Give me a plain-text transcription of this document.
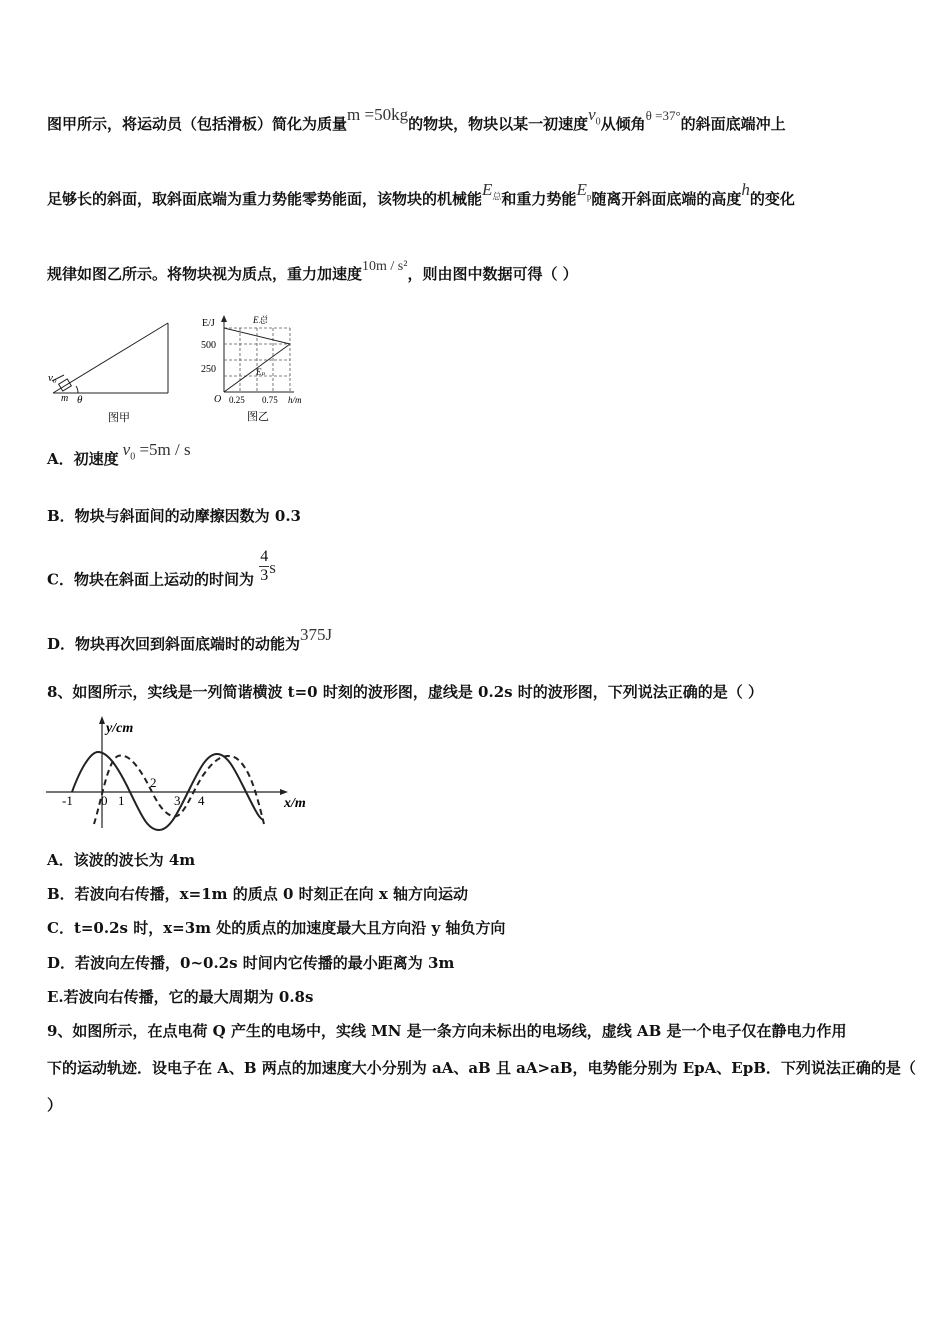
图甲所示，将运动员（包括滑板）简化为质量m =50kg的物块，物块以某一初速度$v_0$从倾角θ =37°的斜面底端冲上
足够长的斜面，取斜面底端为重力势能零势能面，该物块的机械能$E_总$和重力势能$E_p$随离开斜面底端的高度h的变化
规律如图乙所示。将物块视为质点，重力加速度10m / s²，则由图中数据可得（ ）
v₀
m θ
图甲
E/J	E总
Eₚ
500
250
O 0.25 0.75 h/m
图乙
A．初速度 $v_0 =5m / s$
B．物块与斜面间的动摩擦因数为 0.3
C．物块在斜面上运动的时间为 $\frac{4}{3}$ s
D．物块再次回到斜面底端时的动能为375J
8、如图所示，实线是一列简谐横波 t=0 时刻的波形图，虚线是 0.2s 时的波形图，下列说法正确的是（ ）
y/cm
x/m
-1 0 1
2
3 4
A．该波的波长为 4m
B．若波向右传播，x=1m 的质点 0 时刻正在向 x 轴方向运动
C．t=0.2s 时，x=3m 处的质点的加速度最大且方向沿 y 轴负方向
D．若波向左传播，0~0.2s 时间内它传播的最小距离为 3m
E.若波向右传播，它的最大周期为 0.8s
9、如图所示，在点电荷 Q 产生的电场中，实线 MN 是一条方向未标出的电场线，虚线 AB 是一个电子仅在静电力作用
下的运动轨迹．设电子在 A、B 两点的加速度大小分别为 aA、aB 且 aA>aB，电势能分别为 EpA、EpB．下列说法正确的是（
）
